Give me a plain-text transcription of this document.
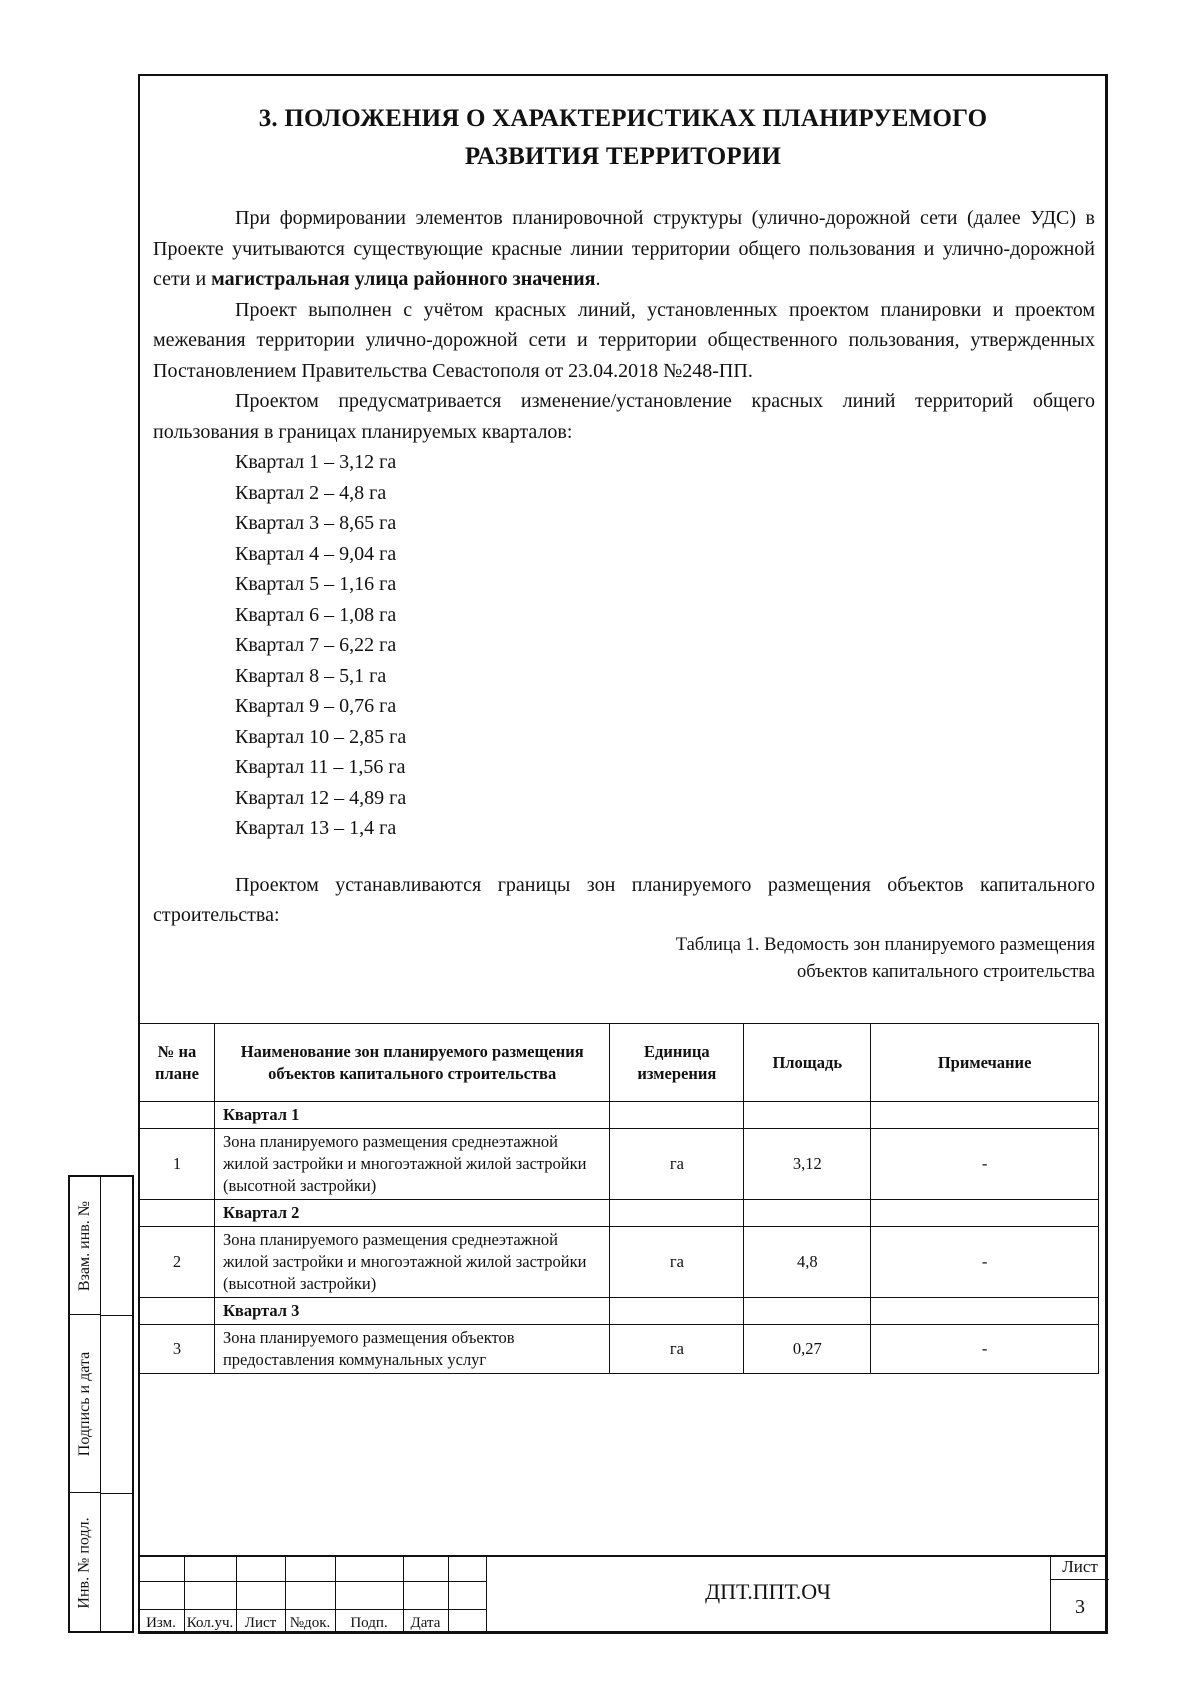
3. ПОЛОЖЕНИЯ О ХАРАКТЕРИСТИКАХ ПЛАНИРУЕМОГО
РАЗВИТИЯ ТЕРРИТОРИИ

При формировании элементов планировочной структуры (улично-дорожной сети (далее УДС) в Проекте учитываются существующие красные линии территории общего пользования и улично-дорожной сети и магистральная улица районного значения.

Проект выполнен с учётом красных линий, установленных проектом планировки и проектом межевания территории улично-дорожной сети и территории общественного пользования, утвержденных Постановлением Правительства Севастополя от 23.04.2018 №248-ПП.

Проектом предусматривается изменение/установление красных линий территорий общего пользования в границах планируемых кварталов:

Квартал 1 – 3,12 га
Квартал 2 – 4,8 га
Квартал 3 – 8,65 га
Квартал 4 – 9,04 га
Квартал 5 – 1,16 га
Квартал 6 – 1,08 га
Квартал 7 – 6,22 га
Квартал 8 – 5,1 га
Квартал 9 – 0,76 га
Квартал 10 – 2,85 га
Квартал 11 – 1,56 га
Квартал 12 – 4,89 га
Квартал 13 – 1,4 га

Проектом устанавливаются границы зон планируемого размещения объектов капитального строительства:

Таблица 1. Ведомость зон планируемого размещения
объектов капитального строительства
№ на плане	Наименование зон планируемого размещения объектов капитального строительства	Единица измерения	Площадь	Примечание
	Квартал 1			
1	Зона планируемого размещения среднеэтажной жилой застройки и многоэтажной жилой застройки (высотной застройки)	га	3,12	-
	Квартал 2			
2	Зона планируемого размещения среднеэтажной жилой застройки и многоэтажной жилой застройки (высотной застройки)	га	4,8	-
	Квартал 3			
3	Зона планируемого размещения объектов предоставления коммунальных услуг	га	0,27	-
Взам. инв. №
Подпись и дата
Инв. № подл.
Изм. Кол.уч. Лист №док.	Подп.	Дата
ДПТ.ППТ.ОЧ
Лист
3
